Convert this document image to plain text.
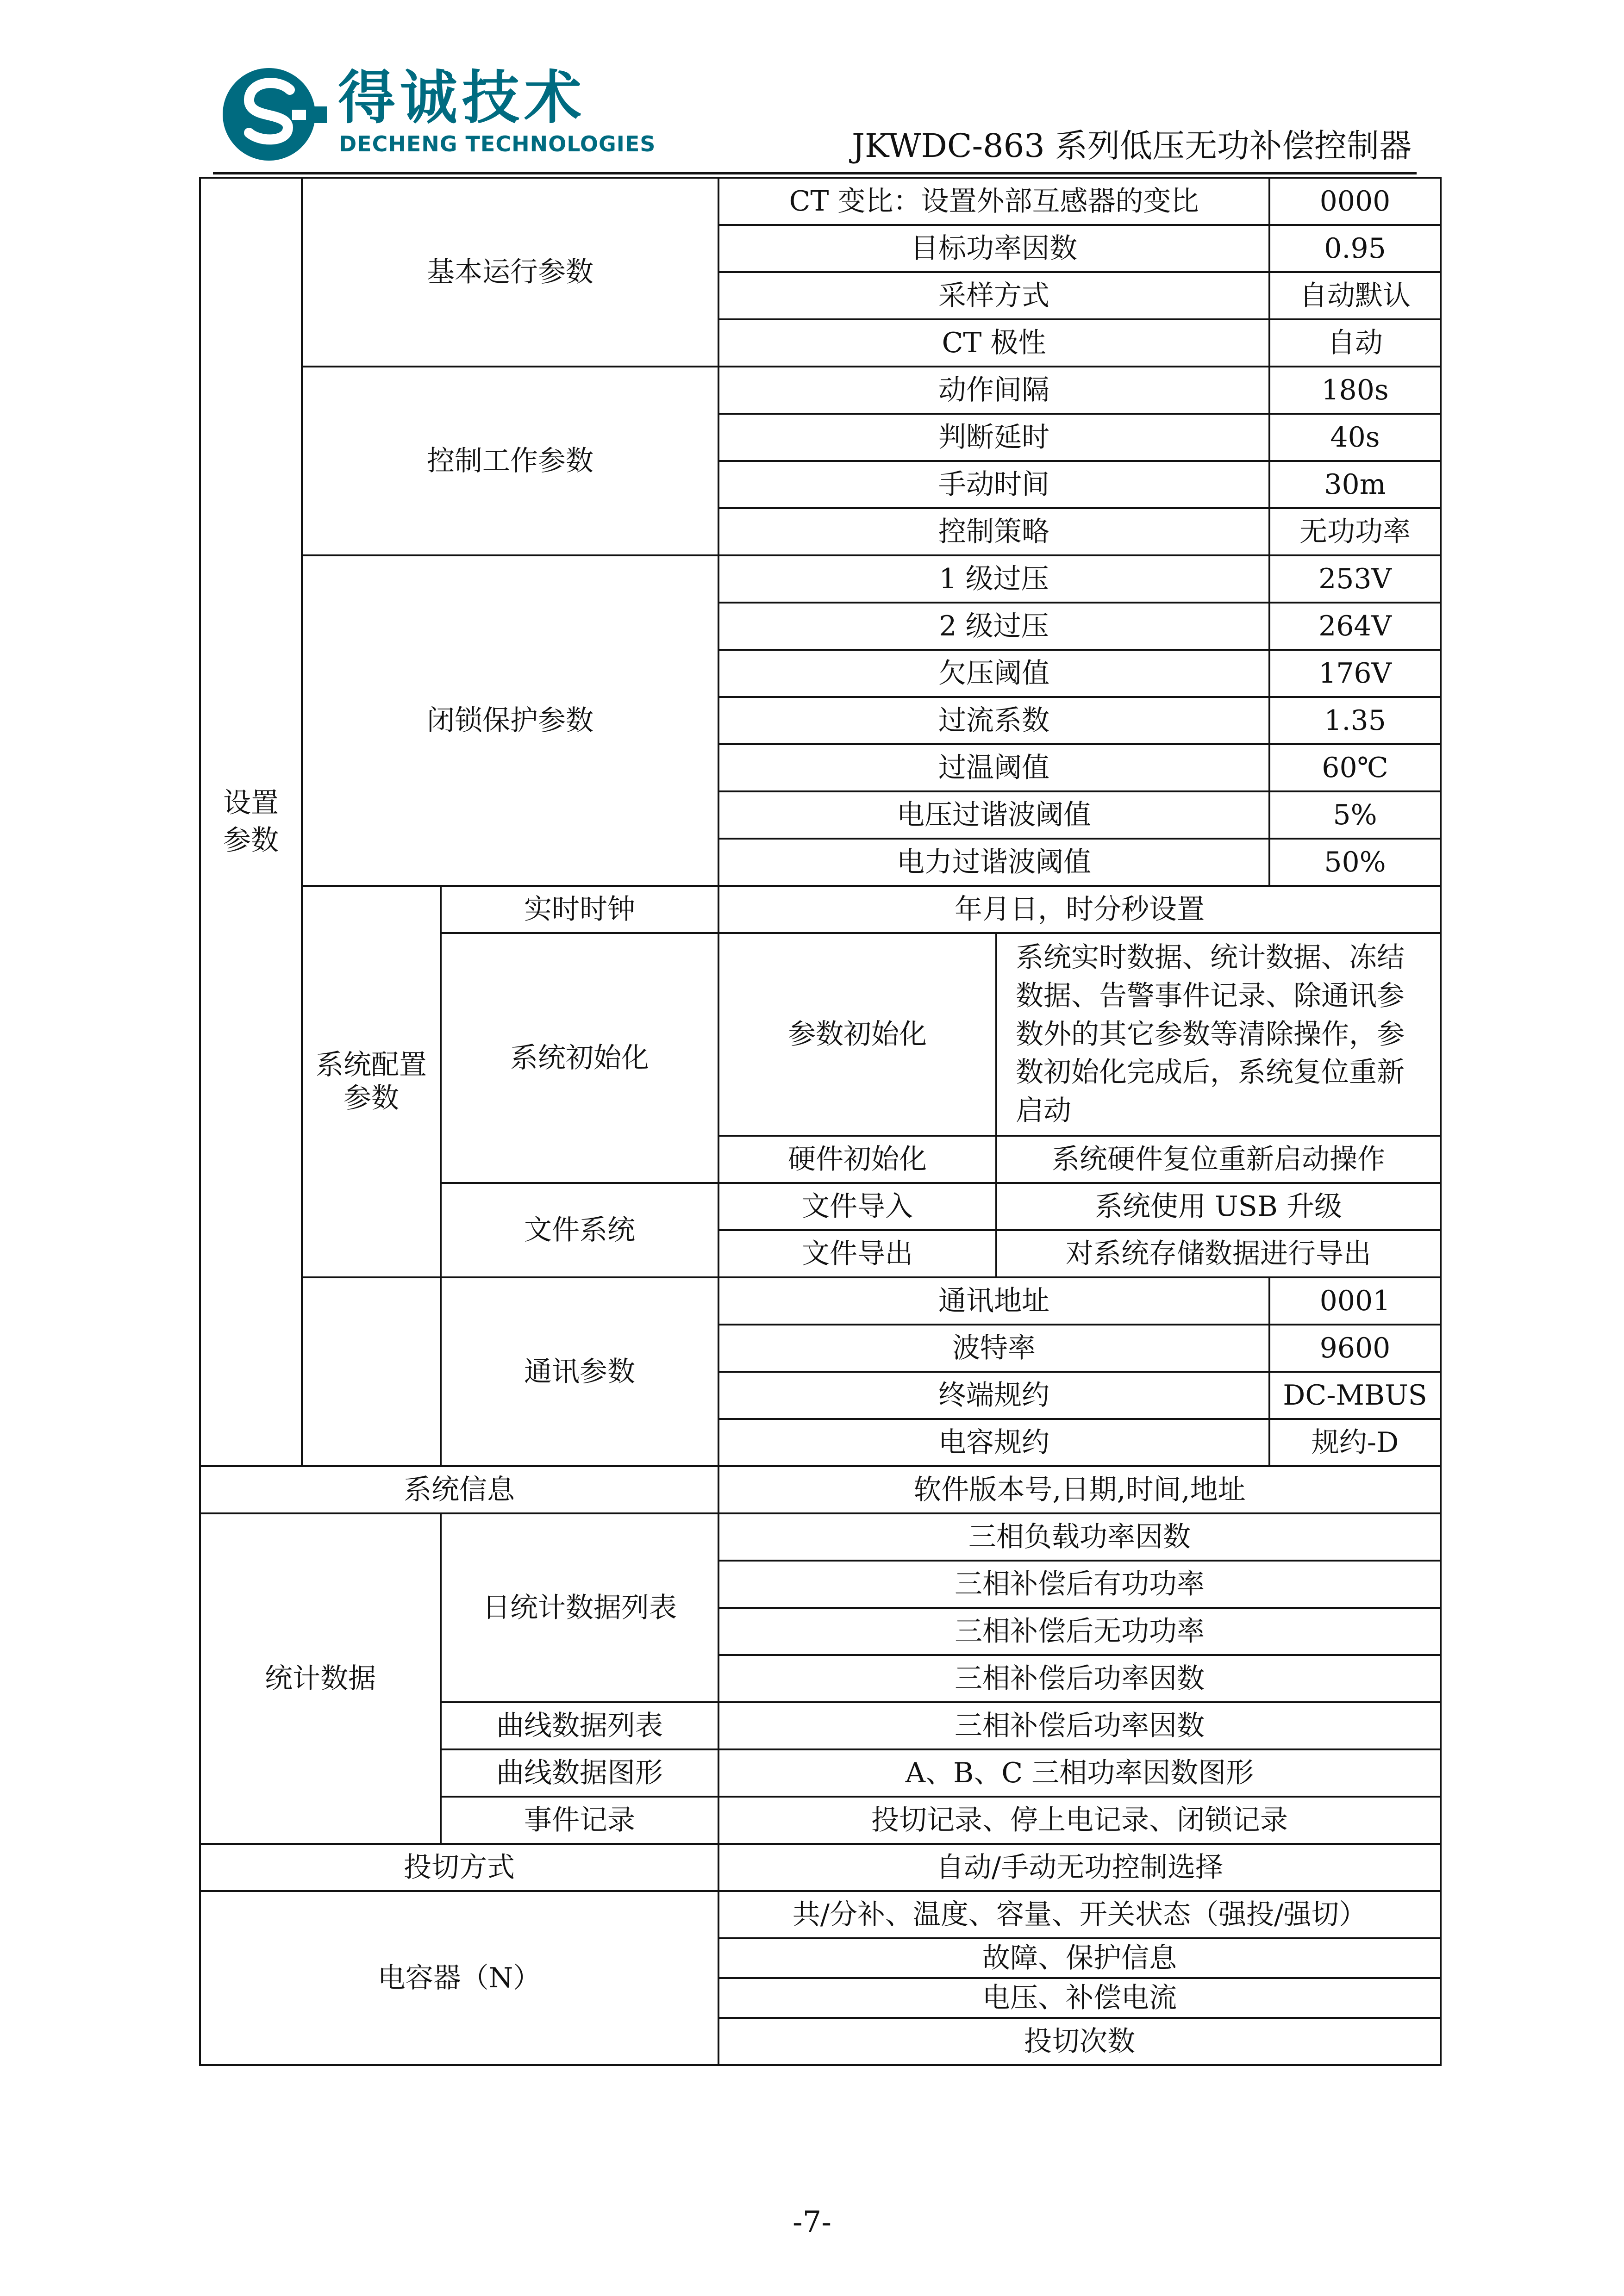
得诚技术
DECHENG TECHNOLOGIES	JKWDC-863 系列低压无功补偿控制器
设置参数	基本运行参数		CT 变比：设置外部互感器的变比		0000
			目标功率因数		0.95
			采样方式		自动默认
			CT 极性		自动
	控制工作参数		动作间隔		180s
			判断延时		40s
			手动时间		30m
			控制策略		无功功率
	闭锁保护参数		1 级过压		253V
			2 级过压		264V
			欠压阈值		176V
			过流系数		1.35
			过温阈值		60℃
			电压过谐波阈值		5%
			电力过谐波阈值		50%
	系统配置参数	实时时钟	年月日，时分秒设置		
		系统初始化	参数初始化	系统实时数据、统计数据、冻结数据、告警事件记录、除通讯参数外的其它参数等清除操作，参数初始化完成后，系统复位重新启动	
			硬件初始化	系统硬件复位重新启动操作	
		文件系统	文件导入	系统使用 USB 升级	
			文件导出	对系统存储数据进行导出	
		通讯参数	通讯地址		0001
			波特率		9600
			终端规约		DC-MBUS
			电容规约		规约-D
系统信息			软件版本号,日期,时间,地址		
统计数据		日统计数据列表	三相负载功率因数		
			三相补偿后有功功率		
			三相补偿后无功功率		
			三相补偿后功率因数		
		曲线数据列表	三相补偿后功率因数		
		曲线数据图形	A、B、C 三相功率因数图形		
		事件记录	投切记录、停上电记录、闭锁记录		
投切方式			自动/手动无功控制选择		
电容器（N）			共/分补、温度、容量、开关状态（强投/强切）		
			故障、保护信息		
			电压、补偿电流		
			投切次数		
-7-
